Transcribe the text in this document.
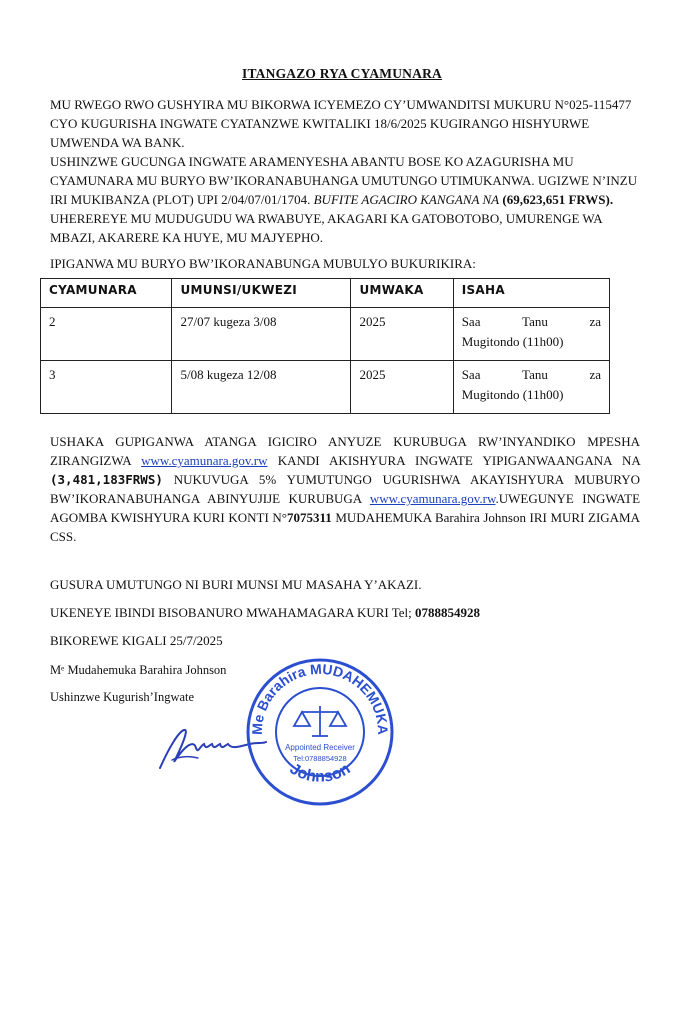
ITANGAZO RYA CYAMUNARA
MU RWEGO RWO GUSHYIRA MU BIKORWA ICYEMEZO CY’UMWANDITSI MUKURU N°025-115477 CYO KUGURISHA INGWATE CYATANZWE KWITALIKI 18/6/2025 KUGIRANGO HISHYURWE UMWENDA WA BANK.
USHINZWE GUCUNGA INGWATE ARAMENYESHA ABANTU BOSE KO AZAGURISHA MU CYAMUNARA MU BURYO BW’IKORANABUHANGA UMUTUNGO UTIMUKANWA. UGIZWE N’INZU IRI MUKIBANZA (PLOT) UPI 2/04/07/01/1704. BUFITE AGACIRO KANGANA NA (69,623,651 FRWS). UHEREREYE MU MUDUGUDU WA RWABUYE, AKAGARI KA GATOBOTOBO, UMURENGE WA MBAZI, AKARERE KA HUYE, MU MAJYEPHO.
IPIGANWA MU BURYO BW’IKORANABUNGA MUBULYO BUKURIKIRA:
CYAMUNARA	UMUNSI/UKWEZI	UMWAKA	ISAHA
2	27/07 kugeza 3/08	2025	Saa Tanu za
Mugitondo (11h00)

3	5/08 kugeza 12/08	2025	Saa Tanu za
Mugitondo (11h00)
USHAKA GUPIGANWA ATANGA IGICIRO ANYUZE KURUBUGA RW’INYANDIKO MPESHA ZIRANGIZWA www.cyamunara.gov.rw KANDI AKISHYURA INGWATE YIPIGANWAANGANA NA (3,481,183FRWS) NUKUVUGA 5% YUMUTUNGO UGURISHWA AKAYISHYURA MUBURYO BW’IKORANABUHANGA ABINYUJIJE KURUBUGA www.cyamunara.gov.rw.UWEGUNYE INGWATE AGOMBA KWISHYURA KURI KONTI N°7075311 MUDAHEMUKA Barahira Johnson IRI MURI ZIGAMA CSS.
GUSURA UMUTUNGO NI BURI MUNSI MU MASAHA Y’AKAZI.
UKENEYE IBINDI BISOBANURO MWAHAMAGARA KURI Tel; 0788854928
BIKOREWE KIGALI 25/7/2025
Mᵉ Mudahemuka Barahira Johnson
Ushinzwe Kugurish’Ingwate
Me Barahira MUDAHEMUKA
Johnson
Appointed Receiver
Tel:0788854928
